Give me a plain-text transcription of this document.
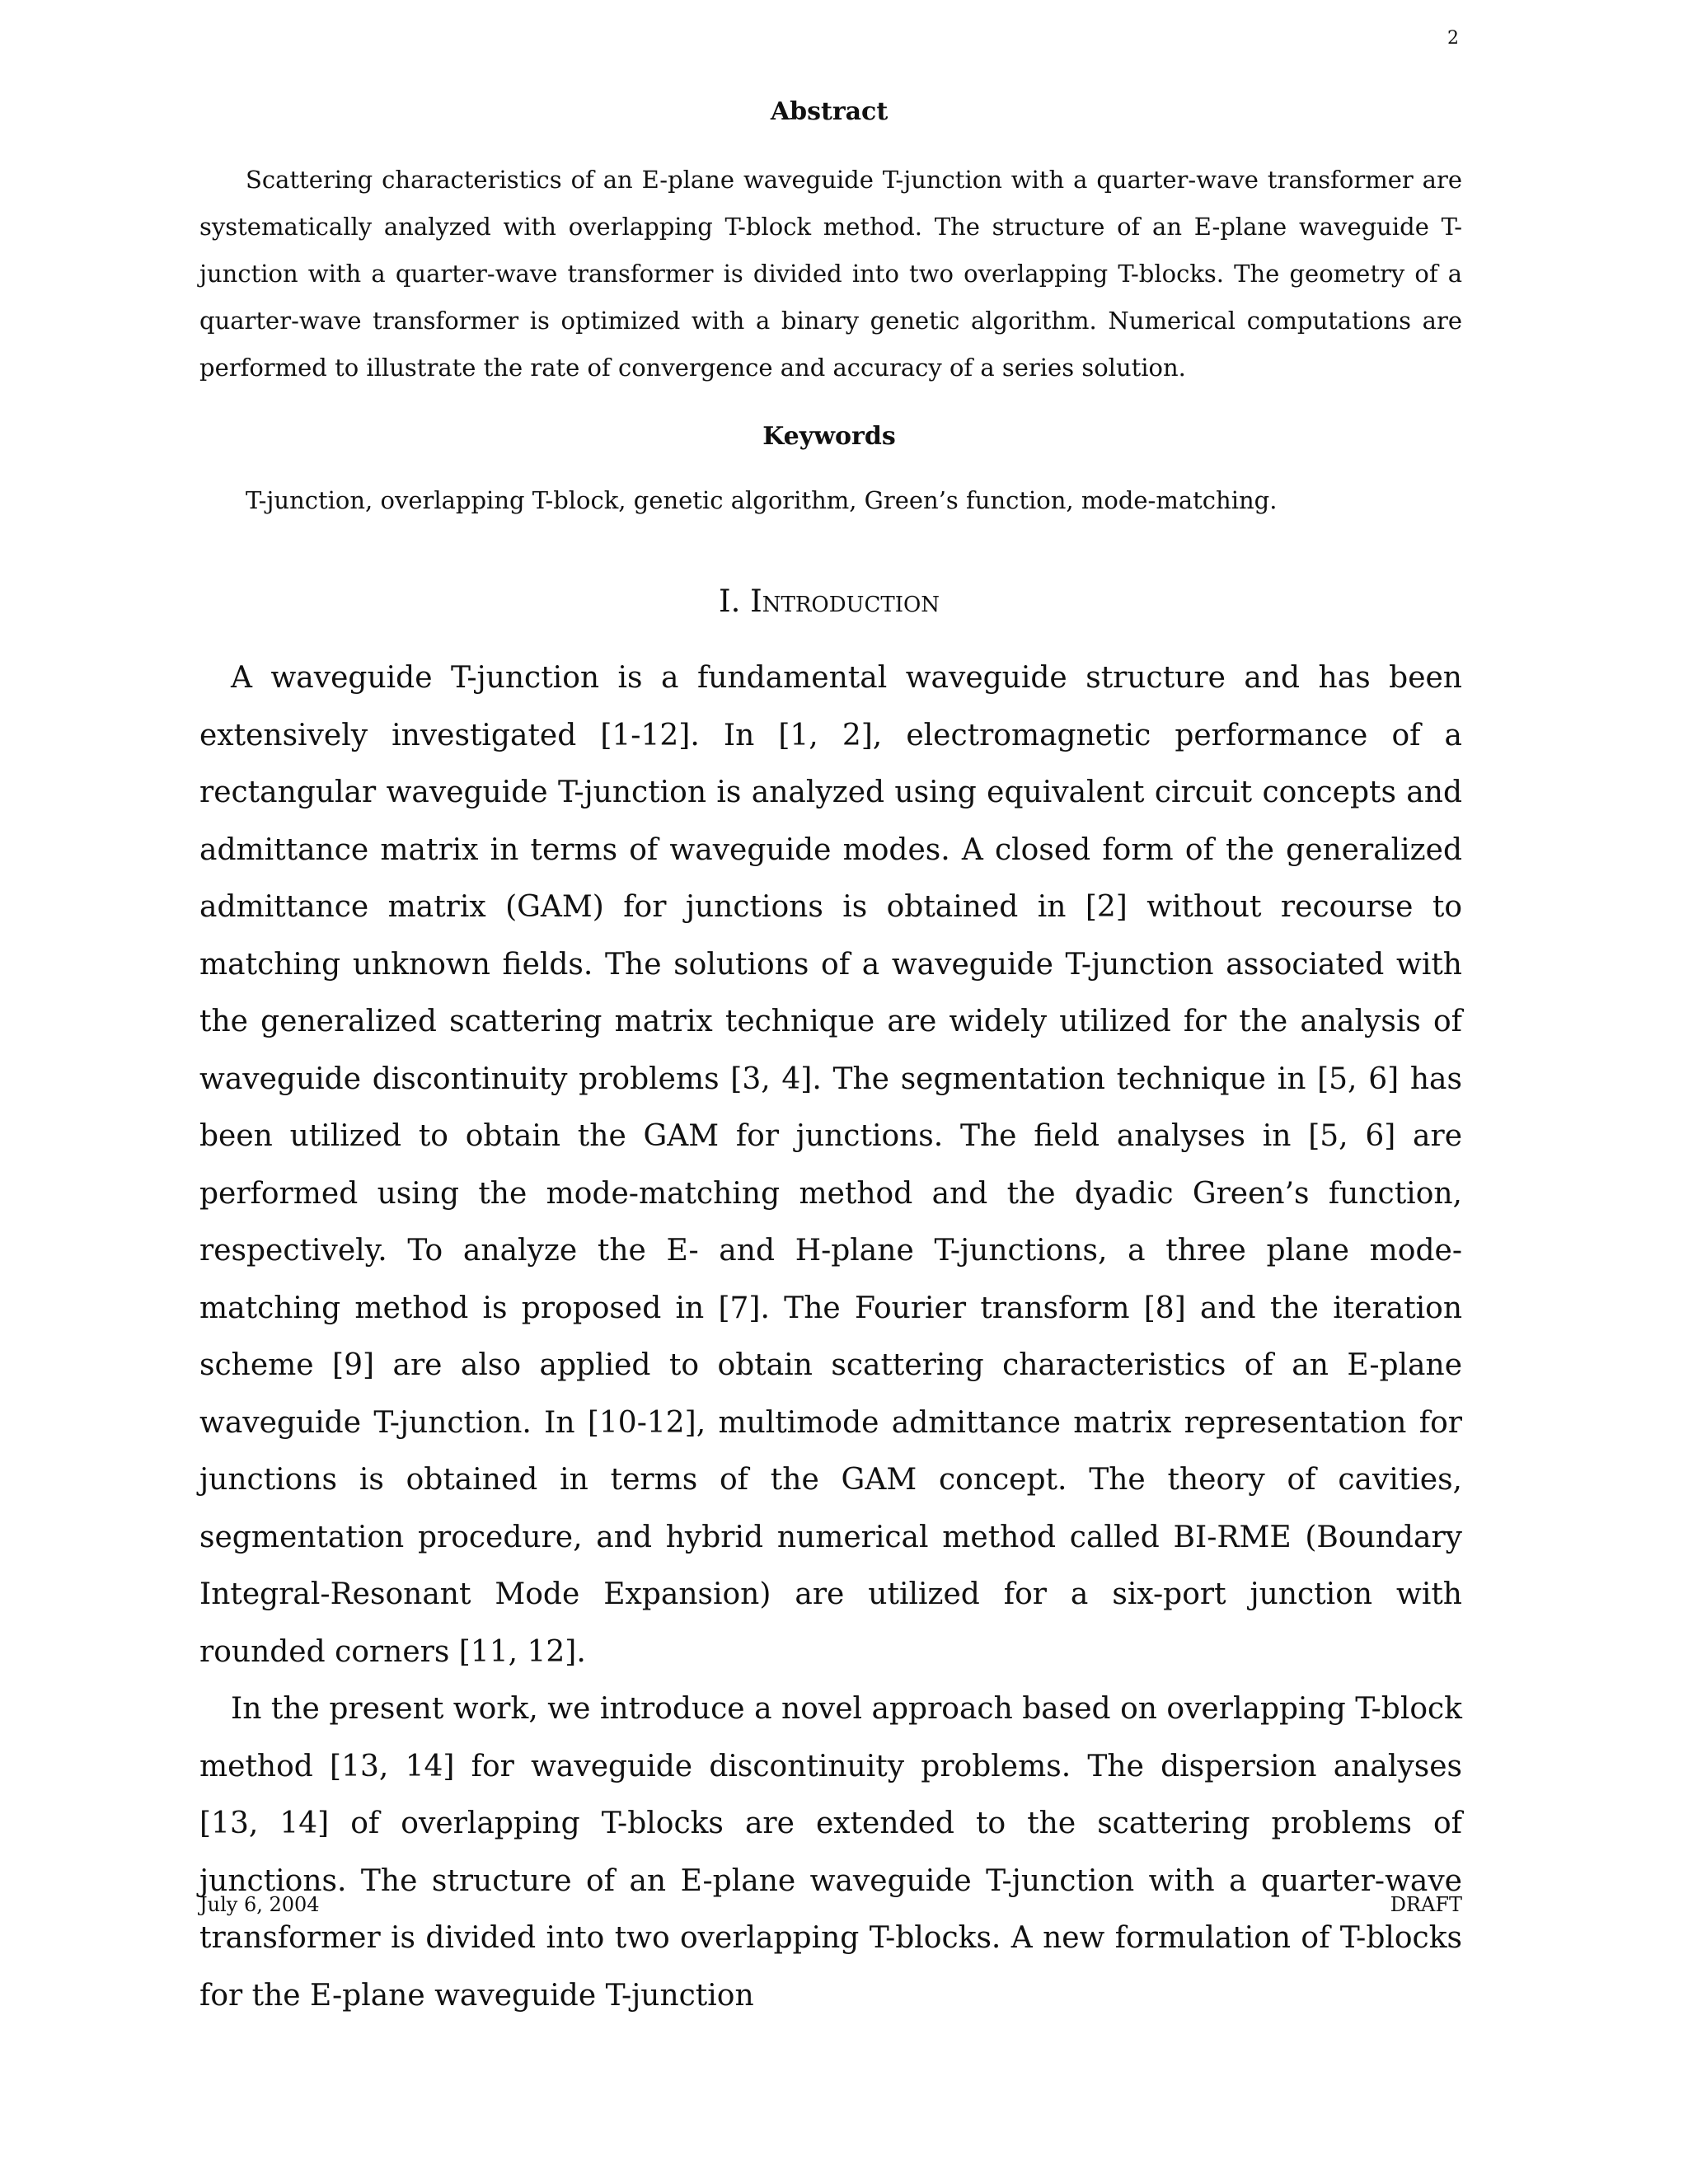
2
Abstract
Scattering characteristics of an E-plane waveguide T-junction with a quarter-wave transformer are systematically analyzed with overlapping T-block method. The structure of an E-plane waveguide T-junction with a quarter-wave transformer is divided into two overlapping T-blocks. The geometry of a quarter-wave transformer is optimized with a binary genetic algorithm. Numerical computations are performed to illustrate the rate of convergence and accuracy of a series solution.
Keywords
T-junction, overlapping T-block, genetic algorithm, Green’s function, mode-matching.
I. Introduction

A waveguide T-junction is a fundamental waveguide structure and has been extensively investigated [1-12]. In [1, 2], electromagnetic performance of a rectangular waveguide T-junction is analyzed using equivalent circuit concepts and admittance matrix in terms of waveguide modes. A closed form of the generalized admittance matrix (GAM) for junctions is obtained in [2] without recourse to matching unknown fields. The solutions of a waveguide T-junction associated with the generalized scattering matrix technique are widely utilized for the analysis of waveguide discontinuity problems [3, 4]. The segmentation technique in [5, 6] has been utilized to obtain the GAM for junctions. The field analyses in [5, 6] are performed using the mode-matching method and the dyadic Green’s function, respectively. To analyze the E- and H-plane T-junctions, a three plane mode-matching method is proposed in [7]. The Fourier transform [8] and the iteration scheme [9] are also applied to obtain scattering characteristics of an E-plane waveguide T-junction. In [10-12], multimode admittance matrix representation for junctions is obtained in terms of the GAM concept. The theory of cavities, segmentation procedure, and hybrid numerical method called BI-RME (Boundary Integral-Resonant Mode Expansion) are utilized for a six-port junction with rounded corners [11, 12].

In the present work, we introduce a novel approach based on overlapping T-block method [13, 14] for waveguide discontinuity problems. The dispersion analyses [13, 14] of overlapping T-blocks are extended to the scattering problems of junctions. The structure of an E-plane waveguide T-junction with a quarter-wave transformer is divided into two overlapping T-blocks. A new formulation of T-blocks for the E-plane waveguide T-junction

July 6, 2004	DRAFT
